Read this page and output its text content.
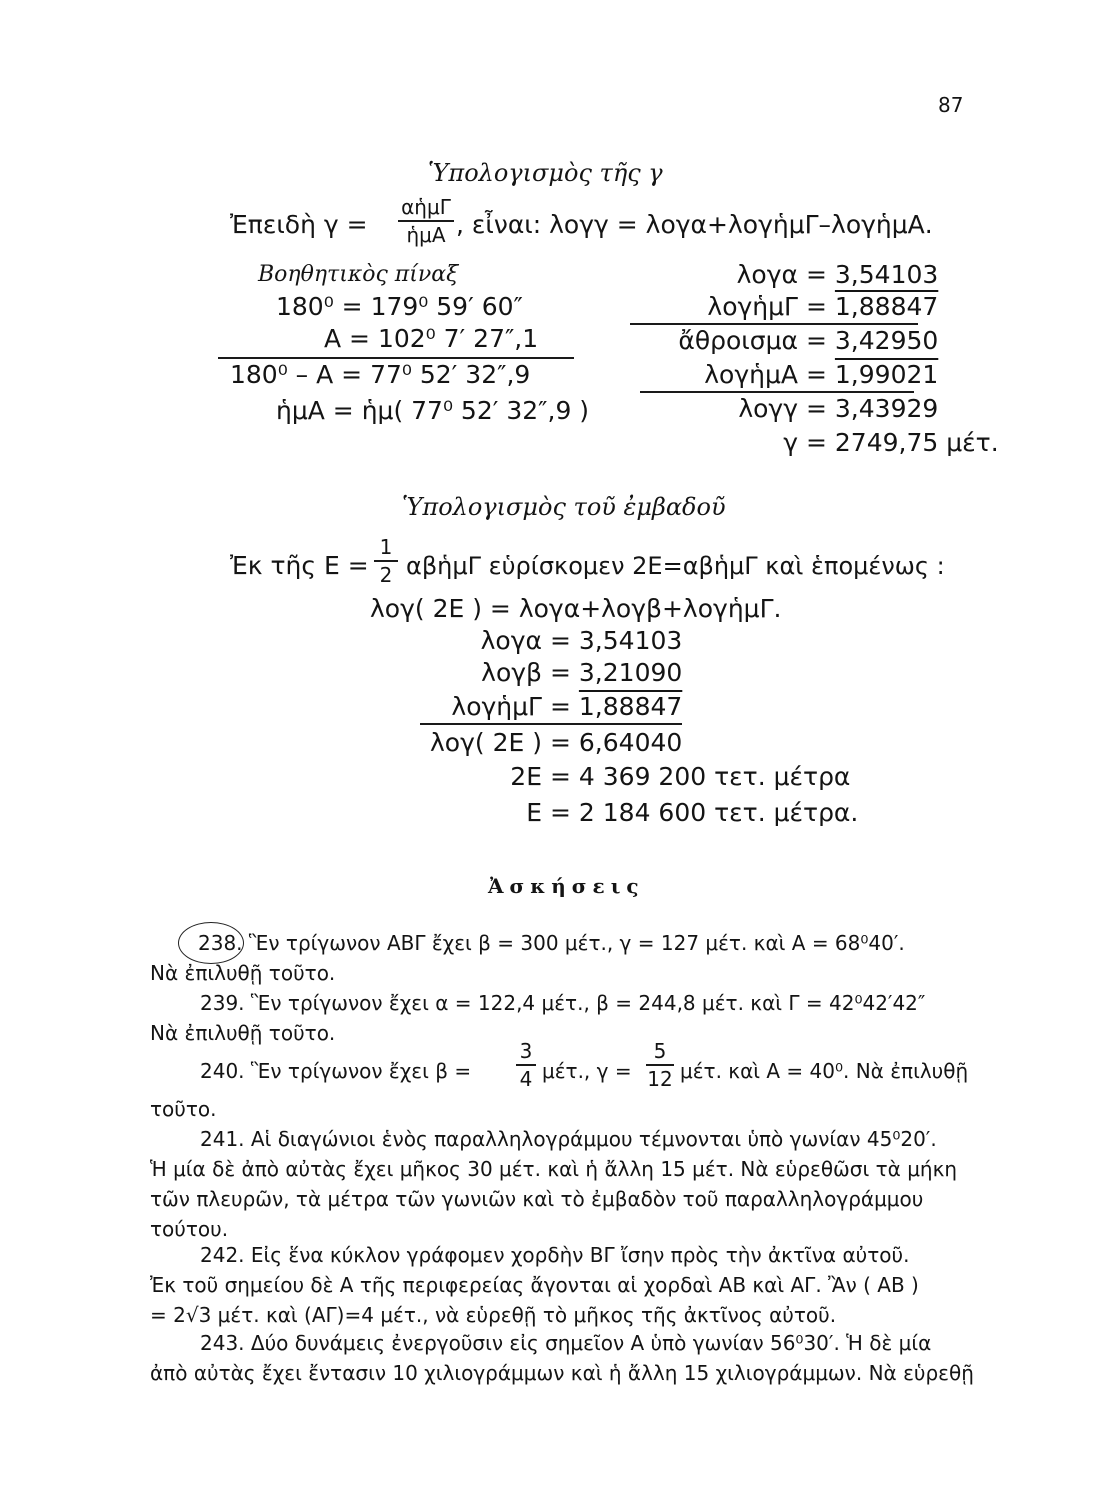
87
Ὑπολογισμὸς τῆς γ
Ἐπειδὴ γ =
αἡμΓ
ἡμΑ , εἶναι: λογγ = λογα+λογἡμΓ–λογἡμΑ.
Βοηθητικὸς πίναξ
180⁰ = 179⁰ 59′ 60″
Α = 102⁰ 7′ 27″,1
180⁰ – Α = 77⁰ 52′ 32″,9
ἡμΑ = ἡμ( 77⁰ 52′ 32″,9 )
λογα = 3,54103
λογἡμΓ = 1,88847
ἄθροισμα = 3,42950
λογἡμΑ = 1,99021
λογγ = 3,43929
γ = 2749,75 μέτ.
Ὑπολογισμὸς τοῦ ἐμβαδοῦ
Ἐκ τῆς Ε =
1
2 αβἡμΓ εὑρίσκομεν 2Ε=αβἡμΓ καὶ ἑπομένως :
λογ( 2Ε ) = λογα+λογβ+λογἡμΓ.
λογα = 3,54103
λογβ = 3,21090
λογἡμΓ = 1,88847
λογ( 2Ε ) = 6,64040
2Ε = 4 369 200 τετ. μέτρα
Ε = 2 184 600 τετ. μέτρα.
Ἀσκήσεις
238. Ἓν τρίγωνον ΑΒΓ ἔχει β = 300 μέτ., γ = 127 μέτ. καὶ Α = 68⁰40′.
Νὰ ἐπιλυθῇ τοῦτο.
239. Ἓν τρίγωνον ἔχει α = 122,4 μέτ., β = 244,8 μέτ. καὶ Γ = 42⁰42′42″
Νὰ ἐπιλυθῇ τοῦτο.
240. Ἓν τρίγωνον ἔχει β =
3
4 μέτ., γ =
5
12 μέτ. καὶ Α = 40⁰. Νὰ ἐπιλυθῇ
τοῦτο.
241. Αἱ διαγώνιοι ἑνὸς παραλληλογράμμου τέμνονται ὑπὸ γωνίαν 45⁰20′.
Ἡ μία δὲ ἀπὸ αὐτὰς ἔχει μῆκος 30 μέτ. καὶ ἡ ἄλλη 15 μέτ. Νὰ εὑρεθῶσι τὰ μήκη
τῶν πλευρῶν, τὰ μέτρα τῶν γωνιῶν καὶ τὸ ἐμβαδὸν τοῦ παραλληλογράμμου
τούτου.
242. Εἰς ἕνα κύκλον γράφομεν χορδὴν ΒΓ ἴσην πρὸς τὴν ἀκτῖνα αὐτοῦ.
Ἐκ τοῦ σημείου δὲ Α τῆς περιφερείας ἄγονται αἱ χορδαὶ ΑΒ καὶ ΑΓ. Ἂν ( ΑΒ )
= 2√3 μέτ. καὶ (ΑΓ)=4 μέτ., νὰ εὑρεθῇ τὸ μῆκος τῆς ἀκτῖνος αὐτοῦ.
243. Δύο δυνάμεις ἐνεργοῦσιν εἰς σημεῖον Α ὑπὸ γωνίαν 56⁰30′. Ἡ δὲ μία
ἀπὸ αὐτὰς ἔχει ἔντασιν 10 χιλιογράμμων καὶ ἡ ἄλλη 15 χιλιογράμμων. Νὰ εὑρεθῇ
